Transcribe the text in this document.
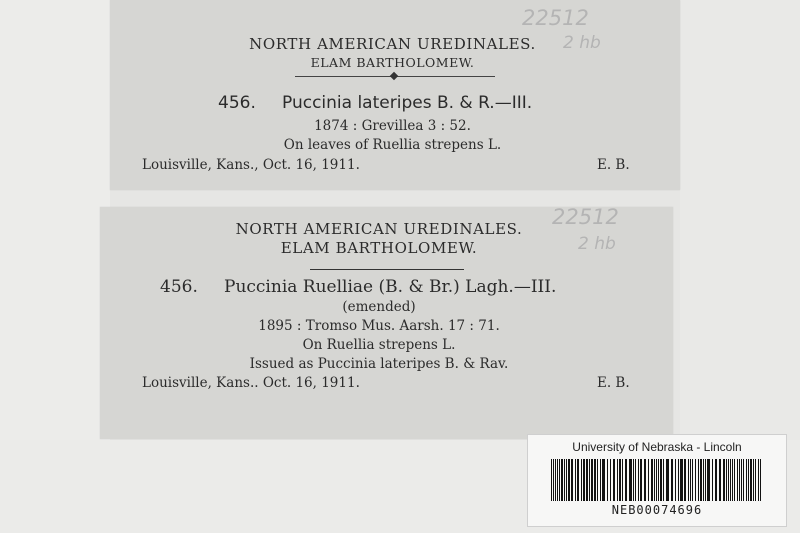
NORTH AMERICAN UREDINALES.
ELAM BARTHOLOMEW.
456. Puccinia lateripes B. & R.—III.
1874 : Grevillea 3 : 52.
On leaves of Ruellia strepens L.
Louisville, Kans., Oct. 16, 1911.	E. B.
22512
2 hb
NORTH AMERICAN UREDINALES.
ELAM BARTHOLOMEW.
456. Puccinia Ruelliae (B. & Br.) Lagh.—III.
(emended)
1895 : Tromso Mus. Aarsh. 17 : 71.
On Ruellia strepens L.
Issued as Puccinia lateripes B. & Rav.
Louisville, Kans.. Oct. 16, 1911.	E. B.
22512
2 hb
University of Nebraska - Lincoln
NEB00074696
